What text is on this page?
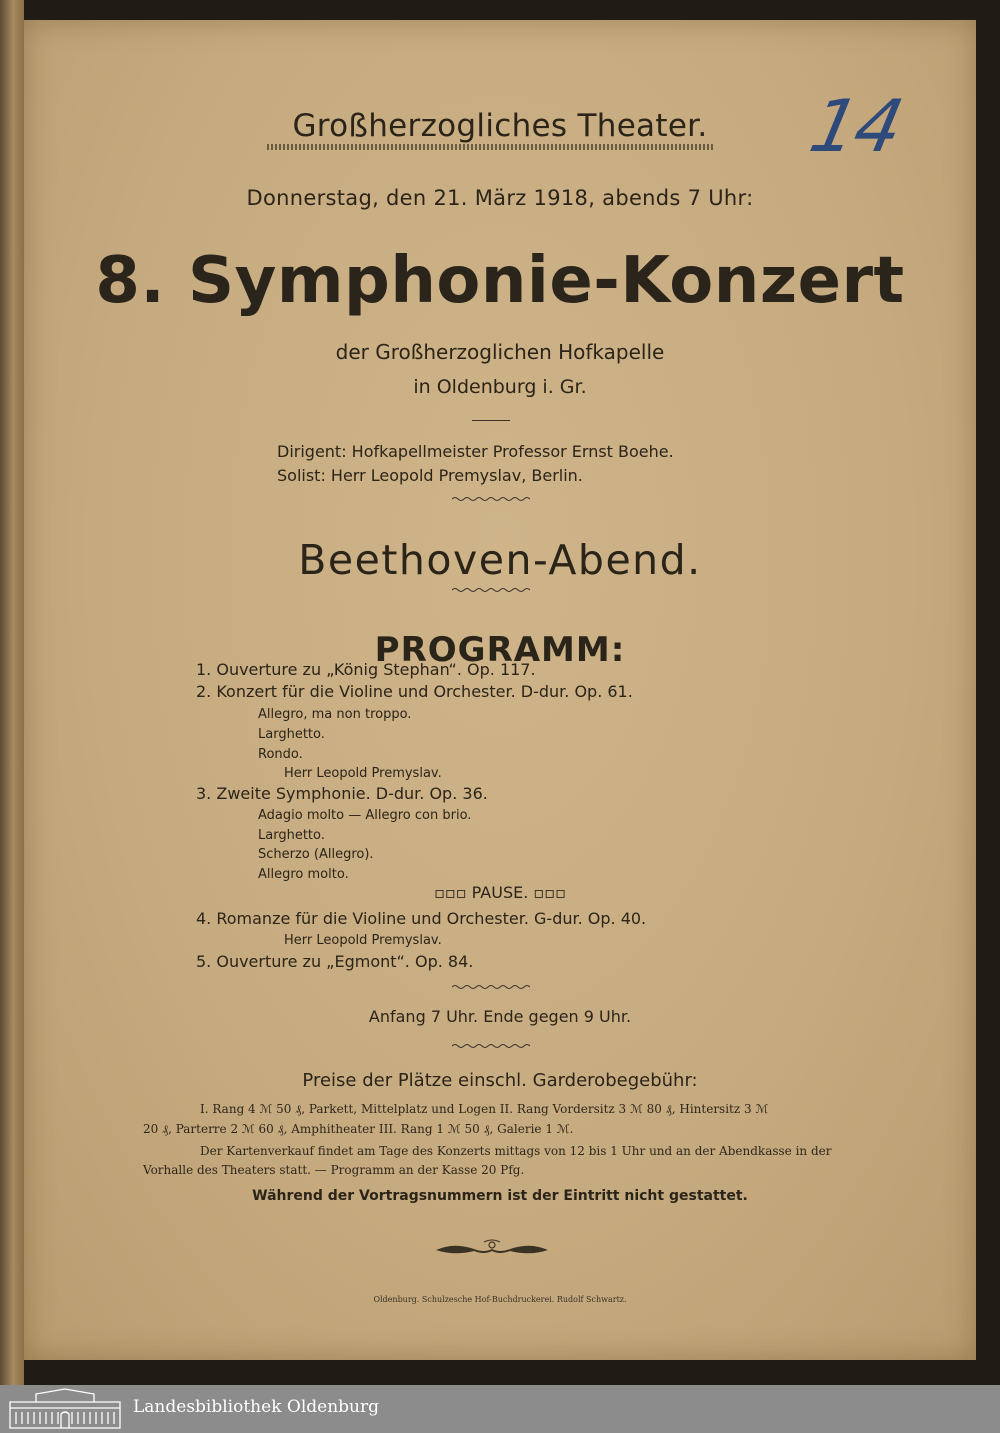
Großherzogliches Theater.	14
Donnerstag, den 21. März 1918, abends 7 Uhr:
8. Symphonie-Konzert
der Großherzoglichen Hofkapelle
in Oldenburg i. Gr.
Dirigent: Hofkapellmeister Professor Ernst Boehe.
Solist: Herr Leopold Premyslav, Berlin.
Beethoven-Abend.
PROGRAMM:
1. Ouverture zu „König Stephan“. Op. 117.
2. Konzert für die Violine und Orchester. D-dur. Op. 61.
Allegro, ma non troppo.
Larghetto.
Rondo.
Herr Leopold Premyslav.
3. Zweite Symphonie. D-dur. Op. 36.
Adagio molto — Allegro con brio.
Larghetto.
Scherzo (Allegro).
Allegro molto.
▫▫▫ PAUSE. ▫▫▫
4. Romanze für die Violine und Orchester. G-dur. Op. 40.
Herr Leopold Premyslav.
5. Ouverture zu „Egmont“. Op. 84.
Anfang 7 Uhr. Ende gegen 9 Uhr.
Preise der Plätze einschl. Garderobegebühr:
I. Rang 4 ℳ 50 ₰, Parkett, Mittelplatz und Logen II. Rang Vordersitz 3 ℳ 80 ₰, Hintersitz 3 ℳ
20 ₰, Parterre 2 ℳ 60 ₰, Amphitheater III. Rang 1 ℳ 50 ₰, Galerie 1 ℳ.
Der Kartenverkauf findet am Tage des Konzerts mittags von 12 bis 1 Uhr und an der Abendkasse in der
Vorhalle des Theaters statt. — Programm an der Kasse 20 Pfg.
Während der Vortragsnummern ist der Eintritt nicht gestattet.
Oldenburg. Schulzesche Hof-Buchdruckerei. Rudolf Schwartz.
Landesbibliothek Oldenburg
